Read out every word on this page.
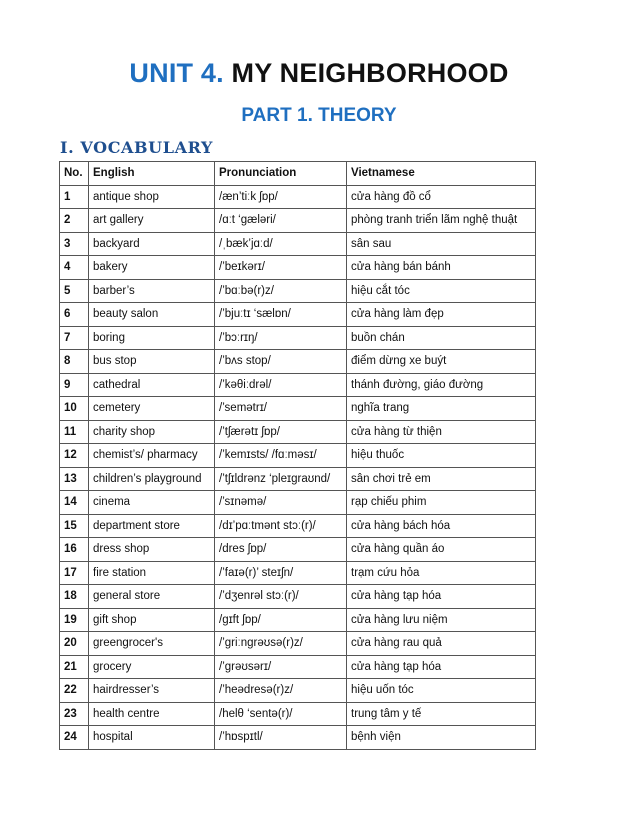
UNIT 4. MY NEIGHBORHOOD
PART 1. THEORY
I. VOCABULARY
No.	English	Pronunciation	Vietnamese
1	antique shop	/æn’tiːk ʃɒp/	cửa hàng đồ cổ
2	art gallery	/ɑːt ‘gæləri/	phòng tranh triển lãm nghệ thuật
3	backyard	/ˌbæk’jɑːd/	sân sau
4	bakery	/’beɪkərɪ/	cửa hàng bán bánh
5	barber’s	/’bɑːbə(r)z/	hiệu cắt tóc
6	beauty salon	/’bjuːtɪ ‘sælɒn/	cửa hàng làm đẹp
7	boring	/’bɔːrɪŋ/	buồn chán
8	bus stop	/’bʌs stop/	điểm dừng xe buýt
9	cathedral	/’kəθiːdrəl/	thánh đường, giáo đường
10	cemetery	/’semətrɪ/	nghĩa trang
11	charity shop	/’tʃærətɪ ʃɒp/	cửa hàng từ thiện
12	chemist’s/ pharmacy	/’kemɪsts/ /fɑːməsɪ/	hiệu thuốc
13	children’s playground	/’tʃɪldrənz ‘pleɪgraʊnd/	sân chơi trẻ em
14	cinema	/’sɪnəmə/	rạp chiếu phim
15	department store	/dɪ’pɑːtmənt stɔː(r)/	cửa hàng bách hóa
16	dress shop	/dres ʃɒp/	cửa hàng quần áo
17	fire station	/’faɪə(r)’ steɪʃn/	trạm cứu hỏa
18	general store	/’dʒenrəl stɔː(r)/	cửa hàng tạp hóa
19	gift shop	/gɪft ʃɒp/	cửa hàng lưu niệm
20	greengrocer's	/’griːngrəʊsə(r)z/	cửa hàng rau quả
21	grocery	/’grəʊsərɪ/	cửa hàng tạp hóa
22	hairdresser’s	/’heədresə(r)z/	hiệu uốn tóc
23	health centre	/helθ ‘sentə(r)/	trung tâm y tế
24	hospital	/’hɒspɪtl/	bệnh viện
